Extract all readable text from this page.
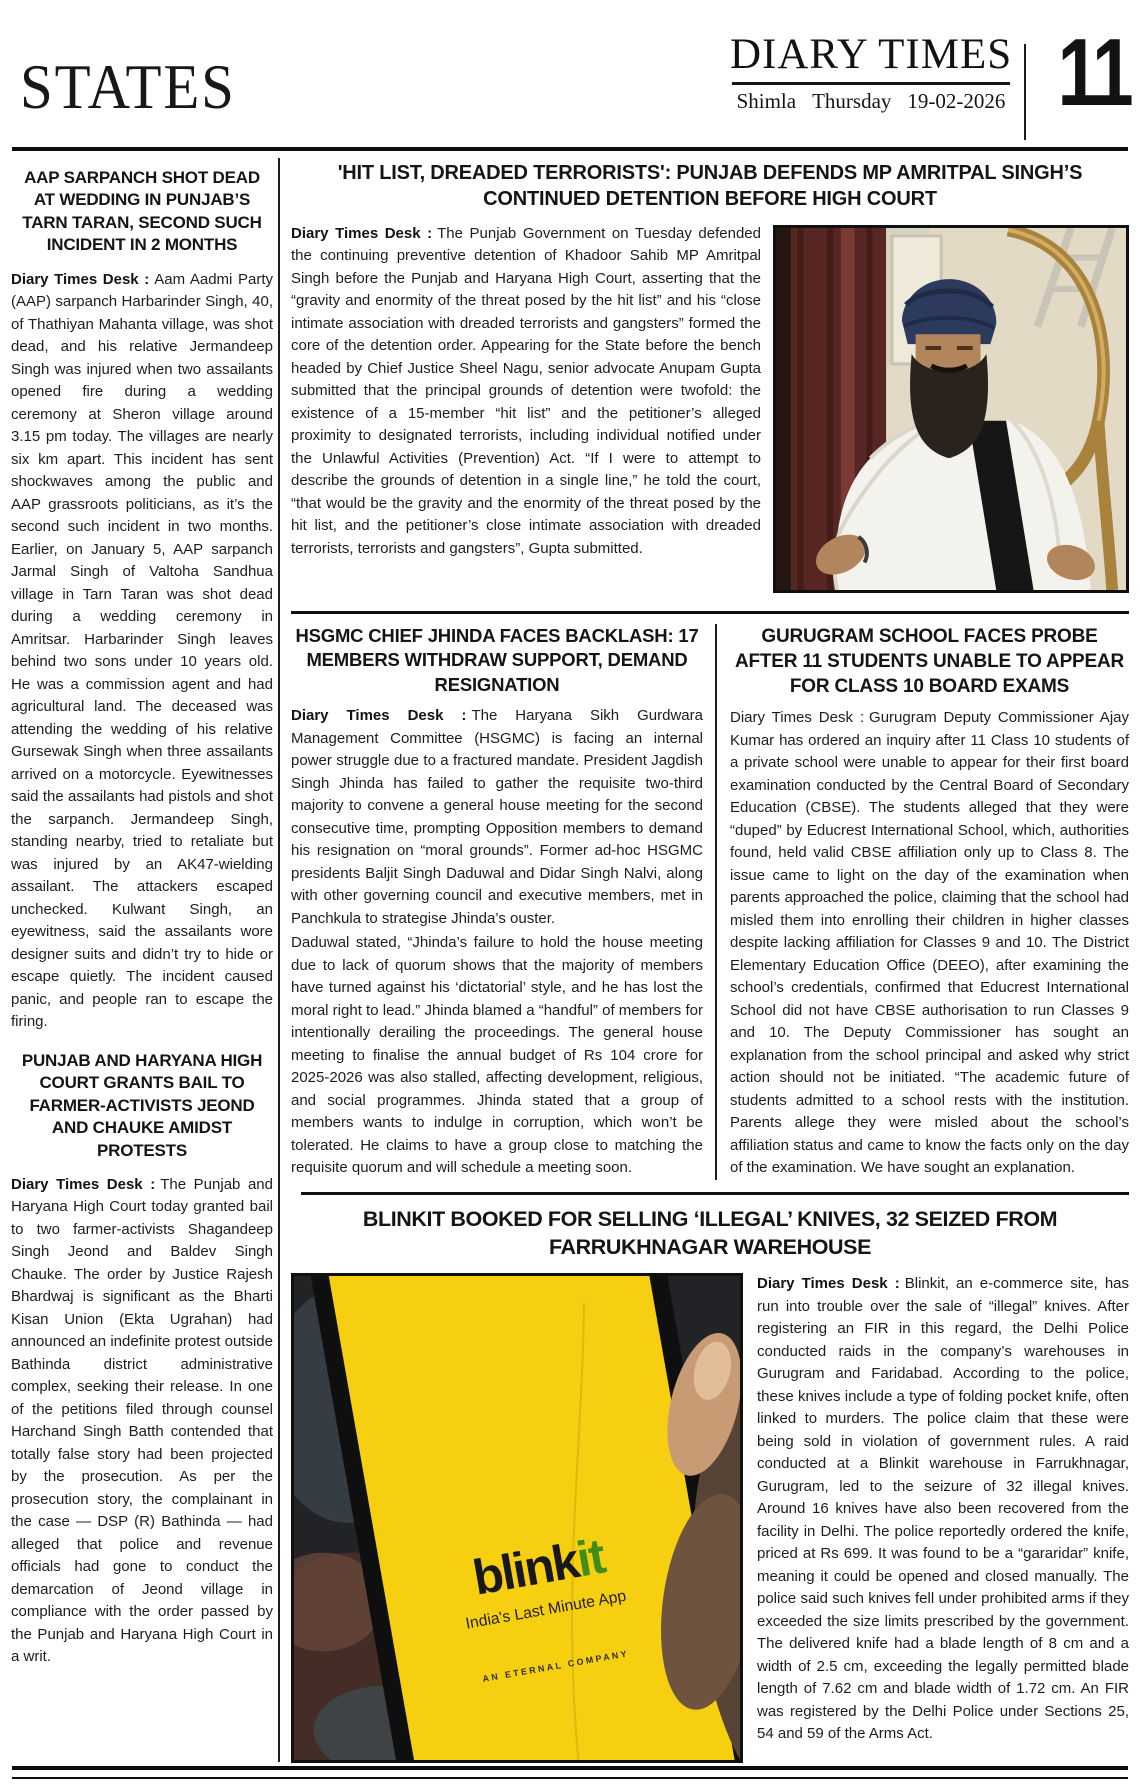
STATES	DIARY TIMES
Shimla Thursday 19-02-2026 11
AAP SARPANCH SHOT DEAD AT WEDDING IN PUNJAB’S TARN TARAN, SECOND SUCH INCIDENT IN 2 MONTHS

Diary Times Desk : Aam Aadmi Party (AAP) sarpanch Harbarinder Singh, 40, of Thathiyan Mahanta village, was shot dead, and his relative Jermandeep Singh was injured when two assailants opened fire during a wedding ceremony at Sheron village around 3.15 pm today. The villages are nearly six km apart. This incident has sent shockwaves among the public and AAP grassroots politicians, as it’s the second such incident in two months. Earlier, on January 5, AAP sarpanch Jarmal Singh of Valtoha Sandhua village in Tarn Taran was shot dead during a wedding ceremony in Amritsar. Harbarinder Singh leaves behind two sons under 10 years old. He was a commission agent and had agricultural land. The deceased was attending the wedding of his relative Gursewak Singh when three assailants arrived on a motorcycle. Eyewitnesses said the assailants had pistols and shot the sarpanch. Jermandeep Singh, standing nearby, tried to retaliate but was injured by an AK47-wielding assailant. The attackers escaped unchecked. Kulwant Singh, an eyewitness, said the assailants wore designer suits and didn’t try to hide or escape quietly. The incident caused panic, and people ran to escape the firing.

PUNJAB AND HARYANA HIGH COURT GRANTS BAIL TO FARMER-ACTIVISTS JEOND AND CHAUKE AMIDST PROTESTS

Diary Times Desk : The Punjab and Haryana High Court today granted bail to two farmer-activists Shagandeep Singh Jeond and Baldev Singh Chauke. The order by Justice Rajesh Bhardwaj is significant as the Bharti Kisan Union (Ekta Ugrahan) had announced an indefinite protest outside Bathinda district administrative complex, seeking their release. In one of the petitions filed through counsel Harchand Singh Batth contended that totally false story had been projected by the prosecution. As per the prosecution story, the complainant in the case — DSP (R) Bathinda — had alleged that police and revenue officials had gone to conduct the demarcation of Jeond village in compliance with the order passed by the Punjab and Haryana High Court in a writ.

'HIT LIST, DREADED TERRORISTS': PUNJAB DEFENDS MP AMRITPAL SINGH’S CONTINUED DETENTION BEFORE HIGH COURT

Diary Times Desk : The Punjab Government on Tuesday defended the continuing preventive detention of Khadoor Sahib MP Amritpal Singh before the Punjab and Haryana High Court, asserting that the “gravity and enormity of the threat posed by the hit list” and his “close intimate association with dreaded terrorists and gangsters” formed the core of the detention order. Appearing for the State before the bench headed by Chief Justice Sheel Nagu, senior advocate Anupam Gupta submitted that the principal grounds of detention were twofold: the existence of a 15-member “hit list” and the petitioner’s alleged proximity to designated terrorists, including individual notified under the Unlawful Activities (Prevention) Act. “If I were to attempt to describe the grounds of detention in a single line,” he told the court, “that would be the gravity and the enormity of the threat posed by the hit list, and the petitioner’s close intimate association with dreaded terrorists, terrorists and gangsters”, Gupta submitted.

HSGMC CHIEF JHINDA FACES BACKLASH: 17 MEMBERS WITHDRAW SUPPORT, DEMAND RESIGNATION

Diary Times Desk : The Haryana Sikh Gurdwara Management Committee (HSGMC) is facing an internal power struggle due to a fractured mandate. President Jagdish Singh Jhinda has failed to gather the requisite two-third majority to convene a general house meeting for the second consecutive time, prompting Opposition members to demand his resignation on “moral grounds”. Former ad-hoc HSGMC presidents Baljit Singh Daduwal and Didar Singh Nalvi, along with other governing council and executive members, met in Panchkula to strategise Jhinda’s ouster.

Daduwal stated, “Jhinda’s failure to hold the house meeting due to lack of quorum shows that the majority of members have turned against his ‘dictatorial’ style, and he has lost the moral right to lead.” Jhinda blamed a “handful” of members for intentionally derailing the proceedings. The general house meeting to finalise the annual budget of Rs 104 crore for 2025-2026 was also stalled, affecting development, religious, and social programmes. Jhinda stated that a group of members wants to indulge in corruption, which won’t be tolerated. He claims to have a group close to matching the requisite quorum and will schedule a meeting soon.

GURUGRAM SCHOOL FACES PROBE AFTER 11 STUDENTS UNABLE TO APPEAR FOR CLASS 10 BOARD EXAMS

Diary Times Desk : Gurugram Deputy Commissioner Ajay Kumar has ordered an inquiry after 11 Class 10 students of a private school were unable to appear for their first board examination conducted by the Central Board of Secondary Education (CBSE). The students alleged that they were “duped” by Educrest International School, which, authorities found, held valid CBSE affiliation only up to Class 8. The issue came to light on the day of the examination when parents approached the police, claiming that the school had misled them into enrolling their children in higher classes despite lacking affiliation for Classes 9 and 10. The District Elementary Education Office (DEEO), after examining the school’s credentials, confirmed that Educrest International School did not have CBSE authorisation to run Classes 9 and 10. The Deputy Commissioner has sought an explanation from the school principal and asked why strict action should not be initiated. “The academic future of students admitted to a school rests with the institution. Parents allege they were misled about the school’s affiliation status and came to know the facts only on the day of the examination. We have sought an explanation.

BLINKIT BOOKED FOR SELLING ‘ILLEGAL’ KNIVES, 32 SEIZED FROM FARRUKHNAGAR WAREHOUSE
blinkit
India's Last Minute App
AN ETERNAL COMPANY

Diary Times Desk : Blinkit, an e-commerce site, has run into trouble over the sale of “illegal” knives. After registering an FIR in this regard, the Delhi Police conducted raids in the company’s warehouses in Gurugram and Faridabad. According to the police, these knives include a type of folding pocket knife, often linked to murders. The police claim that these were being sold in violation of government rules. A raid conducted at a Blinkit warehouse in Farrukhnagar, Gurugram, led to the seizure of 32 illegal knives. Around 16 knives have also been recovered from the facility in Delhi. The police reportedly ordered the knife, priced at Rs 699. It was found to be a “gararidar” knife, meaning it could be opened and closed manually. The police said such knives fell under prohibited arms if they exceeded the size limits prescribed by the government. The delivered knife had a blade length of 8 cm and a width of 2.5 cm, exceeding the legally permitted blade length of 7.62 cm and blade width of 1.72 cm. An FIR was registered by the Delhi Police under Sections 25, 54 and 59 of the Arms Act.
